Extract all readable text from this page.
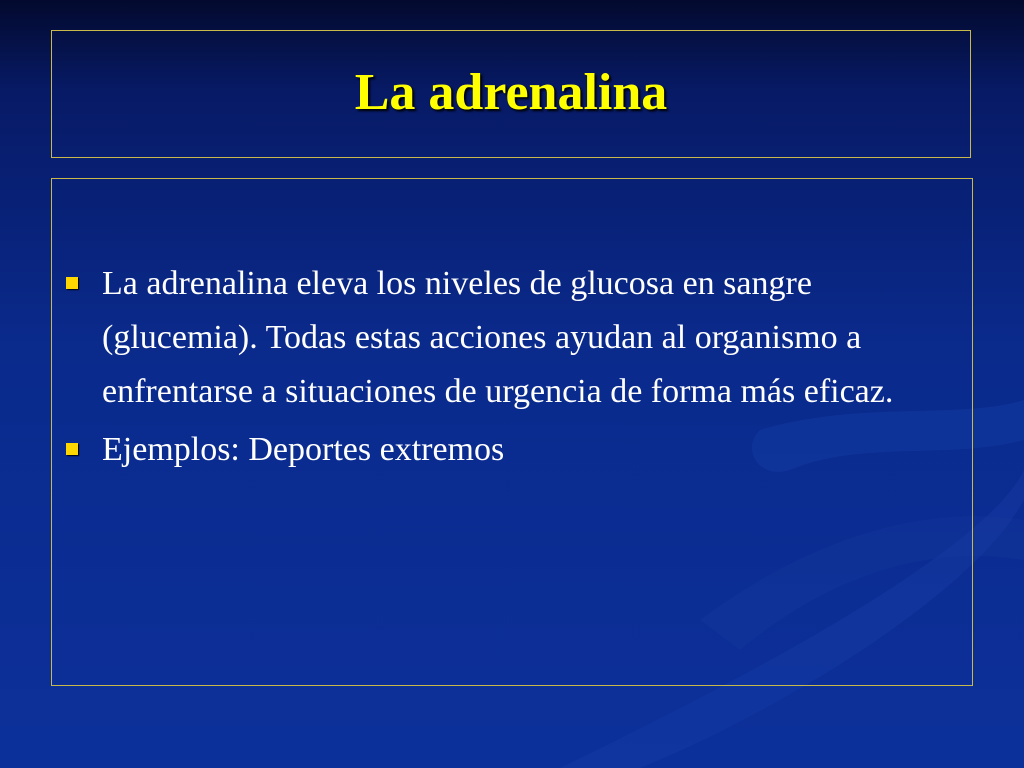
La adrenalina
La adrenalina eleva los niveles de glucosa en sangre (glucemia). Todas estas acciones ayudan al organismo a enfrentarse a situaciones de urgencia de forma más eficaz.
Ejemplos: Deportes extremos
